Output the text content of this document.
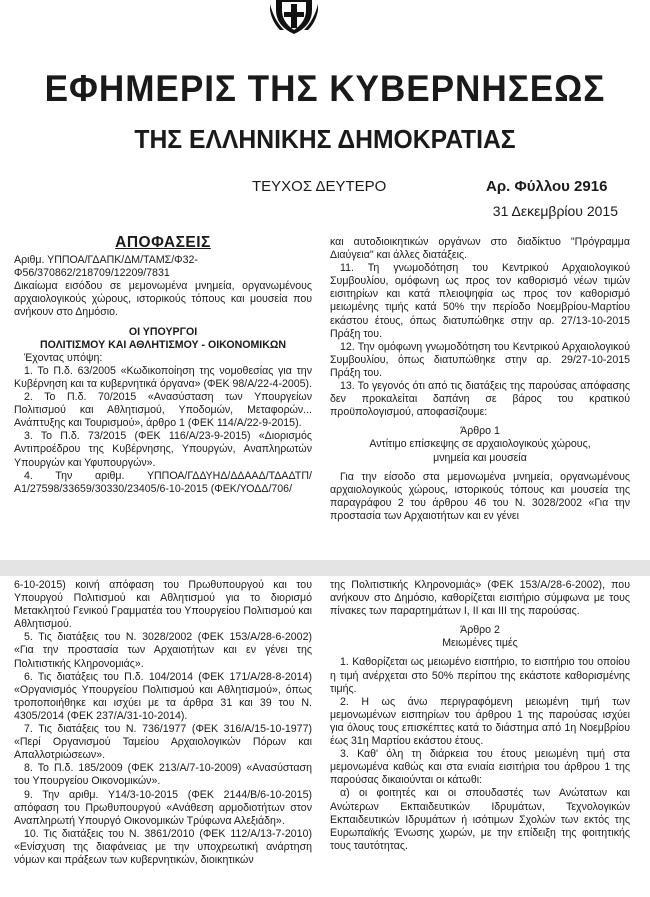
ΕΦΗΜΕΡΙΣ ΤΗΣ ΚΥΒΕΡΝΗΣΕΩΣ
ΤΗΣ ΕΛΛΗΝΙΚΗΣ ΔΗΜΟΚΡΑΤΙΑΣ
ΤΕΥΧΟΣ ΔΕΥΤΕΡΟ	Αρ. Φύλλου 2916
31 Δεκεμβρίου 2015

ΑΠΟΦΑΣΕΙΣ

Αριθμ. ΥΠΠΟΑ/ΓΔΑΠΚ/ΔΜ/ΤΑΜΣ/Φ32-

Φ56/370862/218709/12209/7831

Δικαίωμα εισόδου σε μεμονωμένα μνημεία, οργανωμένους αρχαιολογικούς χώρους, ιστορικούς τόπους και μουσεία που ανήκουν στο Δημόσιο.

ΟΙ ΥΠΟΥΡΓΟΙ

ΠΟΛΙΤΙΣΜΟΥ ΚΑΙ ΑΘΛΗΤΙΣΜΟΥ - ΟΙΚΟΝΟΜΙΚΩΝ

Έχοντας υπόψη:

1. Το Π.δ. 63/2005 «Κωδικοποίηση της νομοθεσίας για την Κυβέρνηση και τα κυβερνητικά όργανα» (ΦΕΚ 98/Α/22-4-2005).

2. Το Π.δ. 70/2015 «Ανασύσταση των Υπουργείων Πολιτισμού και Αθλητισμού, Υποδομών, Μεταφορών... Ανάπτυξης και Τουρισμού», άρθρο 1 (ΦΕΚ 114/Α/22-9-2015).

3. Το Π.δ. 73/2015 (ΦΕΚ 116/Α/23-9-2015) «Διορισμός Αντιπροέδρου της Κυβέρνησης, Υπουργών, Αναπληρωτών Υπουργών και Υφυπουργών».

4. Την αριθμ. ΥΠΠΟΑ/ΓΔΔΥΗΔ/ΔΔΑΑΔ/ΤΔΑΔΤΠ/Α1/27598/33659/30330/23405/6-10-2015 (ΦΕΚ/ΥΟΔΔ/706/

και αυτοδιοικητικών οργάνων στο διαδίκτυο "Πρόγραμμα Διαύγεια" και άλλες διατάξεις.

11. Τη γνωμοδότηση του Κεντρικού Αρχαιολογικού Συμβουλίου, ομόφωνη ως προς τον καθορισμό νέων τιμών εισιτηρίων και κατά πλειοψηφία ως προς τον καθορισμό μειωμένης τιμής κατά 50% την περίοδο Νοεμβρίου-Μαρτίου εκάστου έτους, όπως διατυπώθηκε στην αρ. 27/13-10-2015 Πράξη του.

12. Την ομόφωνη γνωμοδότηση του Κεντρικού Αρχαιολογικού Συμβουλίου, όπως διατυπώθηκε στην αρ. 29/27-10-2015 Πράξη του.

13. Το γεγονός ότι από τις διατάξεις της παρούσας απόφασης δεν προκαλείται δαπάνη σε βάρος του κρατικού προϋπολογισμού, αποφασίζουμε:

Άρθρο 1

Αντίτιμο επίσκεψης σε αρχαιολογικούς χώρους,

μνημεία και μουσεία

Για την είσοδο στα μεμονωμένα μνημεία, οργανωμένους αρχαιολογικούς χώρους, ιστορικούς τόπους και μουσεία της παραγράφου 2 του άρθρου 46 του Ν. 3028/2002 «Για την προστασία των Αρχαιοτήτων και εν γένει

6-10-2015) κοινή απόφαση του Πρωθυπουργού και του Υπουργού Πολιτισμού και Αθλητισμού για το διορισμό Μετακλητού Γενικού Γραμματέα του Υπουργείου Πολιτισμού και Αθλητισμού.

5. Τις διατάξεις του Ν. 3028/2002 (ΦΕΚ 153/Α/28-6-2002) «Για την προστασία των Αρχαιοτήτων και εν γένει της Πολιτιστικής Κληρονομιάς».

6. Τις διατάξεις του Π.δ. 104/2014 (ΦΕΚ 171/Α/28-8-2014) «Οργανισμός Υπουργείου Πολιτισμού και Αθλητισμού», όπως τροποποιήθηκε και ισχύει με τα άρθρα 31 και 39 του Ν. 4305/2014 (ΦΕΚ 237/Α/31-10-2014).

7. Τις διατάξεις του Ν. 736/1977 (ΦΕΚ 316/Α/15-10-1977) «Περί Οργανισμού Ταμείου Αρχαιολογικών Πόρων και Απαλλοτριώσεων».

8. Το Π.δ. 185/2009 (ΦΕΚ 213/Α/7-10-2009) «Ανασύσταση του Υπουργείου Οικονομικών».

9. Την αριθμ. Υ14/3-10-2015 (ΦΕΚ 2144/Β/6-10-2015) απόφαση του Πρωθυπουργού «Ανάθεση αρμοδιοτήτων στον Αναπληρωτή Υπουργό Οικονομικών Τρύφωνα Αλεξιάδη».

10. Τις διατάξεις του Ν. 3861/2010 (ΦΕΚ 112/Α/13-7-2010) «Ενίσχυση της διαφάνειας με την υποχρεωτική ανάρτηση νόμων και πράξεων των κυβερνητικών, διοικητικών

της Πολιτιστικής Κληρονομιάς» (ΦΕΚ 153/Α/28-6-2002), που ανήκουν στο Δημόσιο, καθορίζεται εισιτήριο σύμφωνα με τους πίνακες των παραρτημάτων Ι, ΙΙ και ΙΙΙ της παρούσας.

Άρθρο 2

Μειωμένες τιμές

1. Καθορίζεται ως μειωμένο εισιτήριο, το εισιτήριο του οποίου η τιμή ανέρχεται στο 50% περίπου της εκάστοτε καθορισμένης τιμής.

2. Η ως άνω περιγραφόμενη μειωμένη τιμή των μεμονωμένων εισιτηρίων του άρθρου 1 της παρούσας ισχύει για όλους τους επισκέπτες κατά το διάστημα από 1η Νοεμβρίου έως 31η Μαρτίου εκάστου έτους.

3. Καθ' όλη τη διάρκεια του έτους μειωμένη τιμή στα μεμονωμένα καθώς και στα ενιαία εισιτήρια του άρθρου 1 της παρούσας δικαιούνται οι κάτωθι:

α) οι φοιτητές και οι σπουδαστές των Ανώτατων και Ανώτερων Εκπαιδευτικών Ιδρυμάτων, Τεχνολογικών Εκπαιδευτικών Ιδρυμάτων ή ισότιμων Σχολών των εκτός της Ευρωπαϊκής Ένωσης χωρών, με την επίδειξη της φοιτητικής τους ταυτότητας.
